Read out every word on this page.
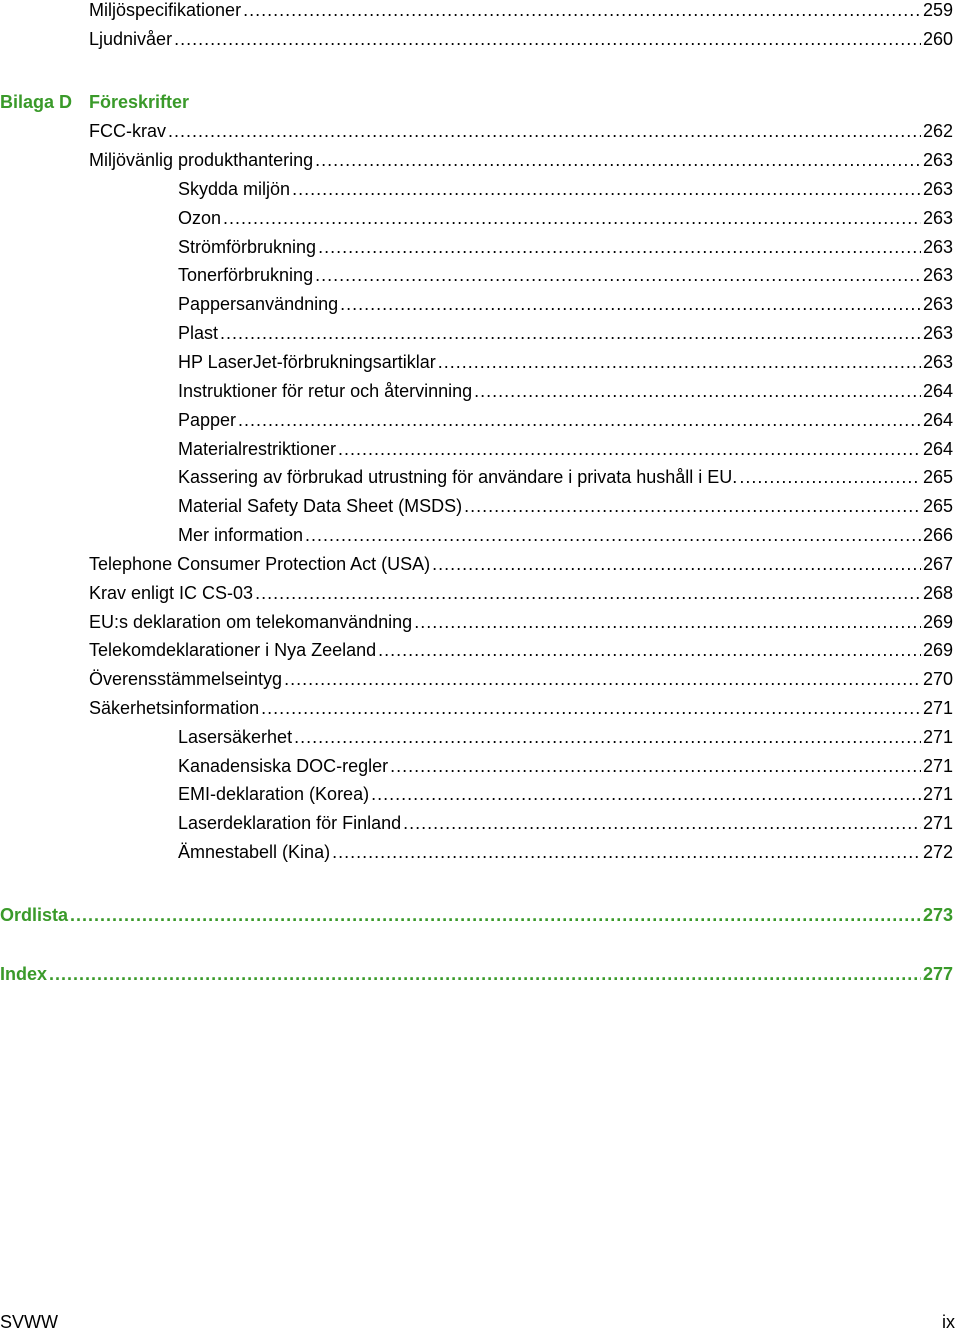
Miljöspecifikationer . . .	259
Ljudnivåer . . .	260
Bilaga D Föreskrifter
FCC-krav . . .	262
Miljövänlig produkthantering . . .	263
Skydda miljön . . .	263
Ozon . . .	263
Strömförbrukning . . .	263
Tonerförbrukning . . .	263
Pappersanvändning . . .	263
Plast . . .	263
HP LaserJet-förbrukningsartiklar . . .	263
Instruktioner för retur och återvinning . . .	264
Papper . . .	264
Materialrestriktioner . . .	264
Kassering av förbrukad utrustning för användare i privata hushåll i EU. . . .	265
Material Safety Data Sheet (MSDS) . . .	265
Mer information . . .	266
Telephone Consumer Protection Act (USA) . . .	267
Krav enligt IC CS-03 . . .	268
EU:s deklaration om telekomanvändning . . .	269
Telekomdeklarationer i Nya Zeeland . . .	269
Överensstämmelseintyg . . .	270
Säkerhetsinformation . . .	271
Lasersäkerhet . . .	271
Kanadensiska DOC-regler . . .	271
EMI-deklaration (Korea) . . .	271
Laserdeklaration för Finland . . .	271
Ämnestabell (Kina) . . .	272
Ordlista . . .	273
Index . . .	277
SVWW	ix
